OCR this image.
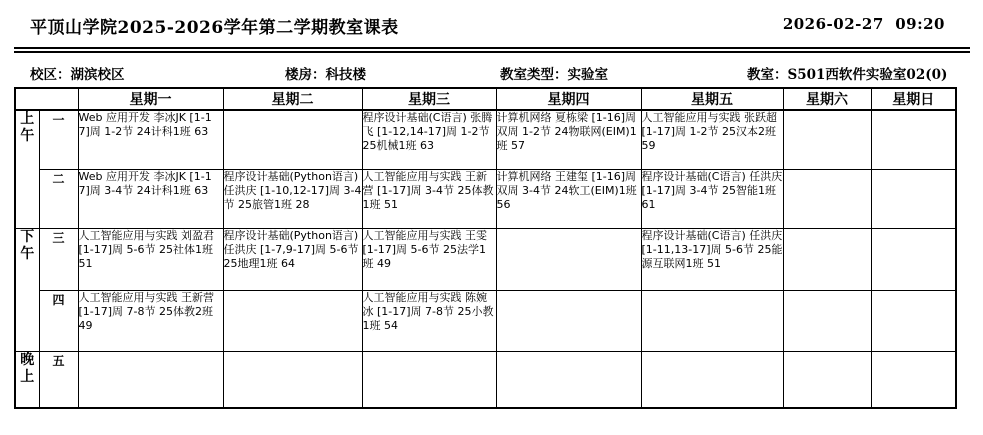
平顶山学院2025-2026学年第二学期教室课表	2026-02-27  09:20
校区：湖滨校区	楼房：科技楼	教室类型：实验室	教室：S501西软件实验室02(0)
		星期一	星期二	星期三	星期四	星期五	星期六	星期日
上午	一	Web 应用开发 李冰JK [1-17]周 1-2节 24计科1班 63		程序设计基础(C语言) 张腾飞 [1-12,14-17]周 1-2节 25机械1班 63	计算机网络 夏栋梁 [1-16]周 双周 1-2节 24物联网(EIM)1班 57	人工智能应用与实践 张跃超 [1-17]周 1-2节 25汉本2班 59		
	二	Web 应用开发 李冰JK [1-17]周 3-4节 24计科1班 63	程序设计基础(Python语言) 任洪庆 [1-10,12-17]周 3-4节 25旅管1班 28	人工智能应用与实践 王新营 [1-17]周 3-4节 25体教1班 51	计算机网络 王建玺 [1-16]周 双周 3-4节 24软工(EIM)1班 56	程序设计基础(C语言) 任洪庆 [1-17]周 3-4节 25智能1班 61		
下午	三	人工智能应用与实践 刘盈君 [1-17]周 5-6节 25社体1班 51	程序设计基础(Python语言) 任洪庆 [1-7,9-17]周 5-6节 25地理1班 64	人工智能应用与实践 王雯 [1-17]周 5-6节 25法学1班 49		程序设计基础(C语言) 任洪庆 [1-11,13-17]周 5-6节 25能源互联网1班 51		
	四	人工智能应用与实践 王新营 [1-17]周 7-8节 25体教2班 49		人工智能应用与实践 陈婉冰 [1-17]周 7-8节 25小教1班 54				
晚上	五							
